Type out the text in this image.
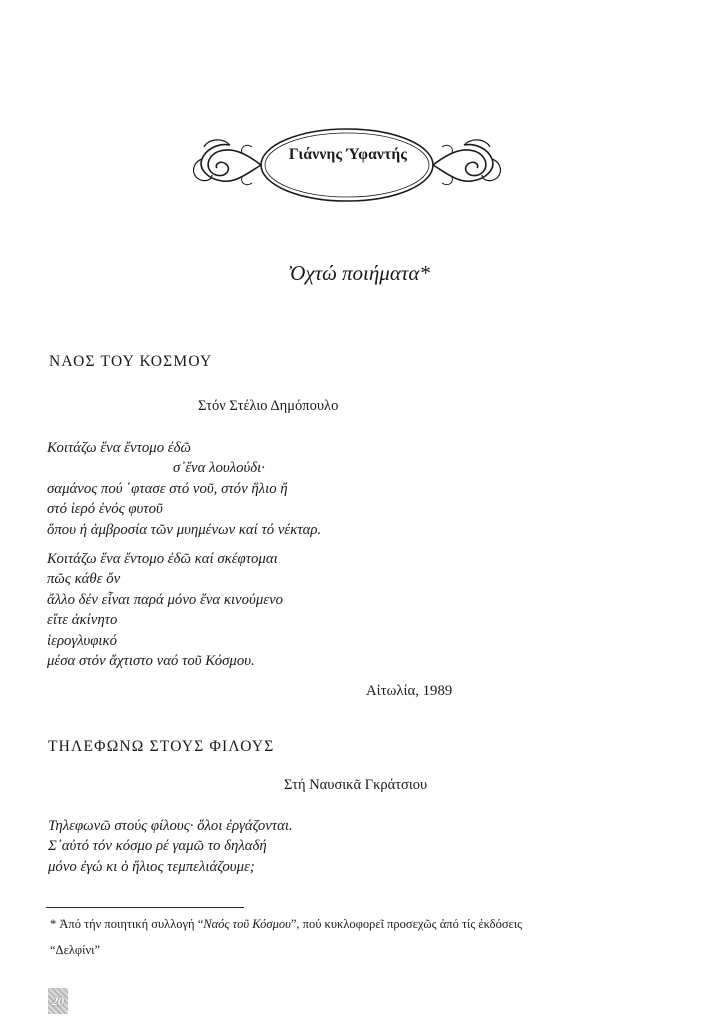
Γιάννης Ύφαντής
Ὀχτώ ποιήματα*
ΝΑΟΣ ΤΟΥ ΚΟΣΜΟΥ
Στόν Στέλιο Δημόπουλο
Κοιτάζω ἕνα ἔντομο ἐδῶ
σ᾽ἕνα λουλούδι·
σαμάνος πού ῾φτασε στό νοῦ, στόν ἥλιο ἤ
στό ἱερό ἑνός φυτοῦ
ὅπου ἡ ἀμβροσία τῶν μυημένων καί τό νέκταρ.
Κοιτάζω ἕνα ἔντομο ἐδῶ καί σκέφτομαι
πῶς κάθε ὄν
ἄλλο δέν εἶναι παρά μόνο ἕνα κινούμενο
εἴτε ἀκίνητο
ἱερογλυφικό
μέσα στόν ἄχτιστο ναό τοῦ Κόσμου.
Αἰτωλία, 1989
ΤΗΛΕΦΩΝΩ ΣΤΟΥΣ ΦΙΛΟΥΣ
Στή Ναυσικᾶ Γκράτσιου
Τηλεφωνῶ στούς φίλους· ὅλοι ἐργάζονται.
Σ᾽αὐτό τόν κόσμο ρέ γαμῶ το δηλαδή
μόνο ἐγώ κι ὁ ἥλιος τεμπελιάζουμε;
* Ἀπό τήν ποιητική συλλογή “Ναός τοῦ Κόσμου”, πού κυκλοφορεῖ προσεχῶς ἀπό τίς ἐκδόσεις
“Δελφίνι”
20
